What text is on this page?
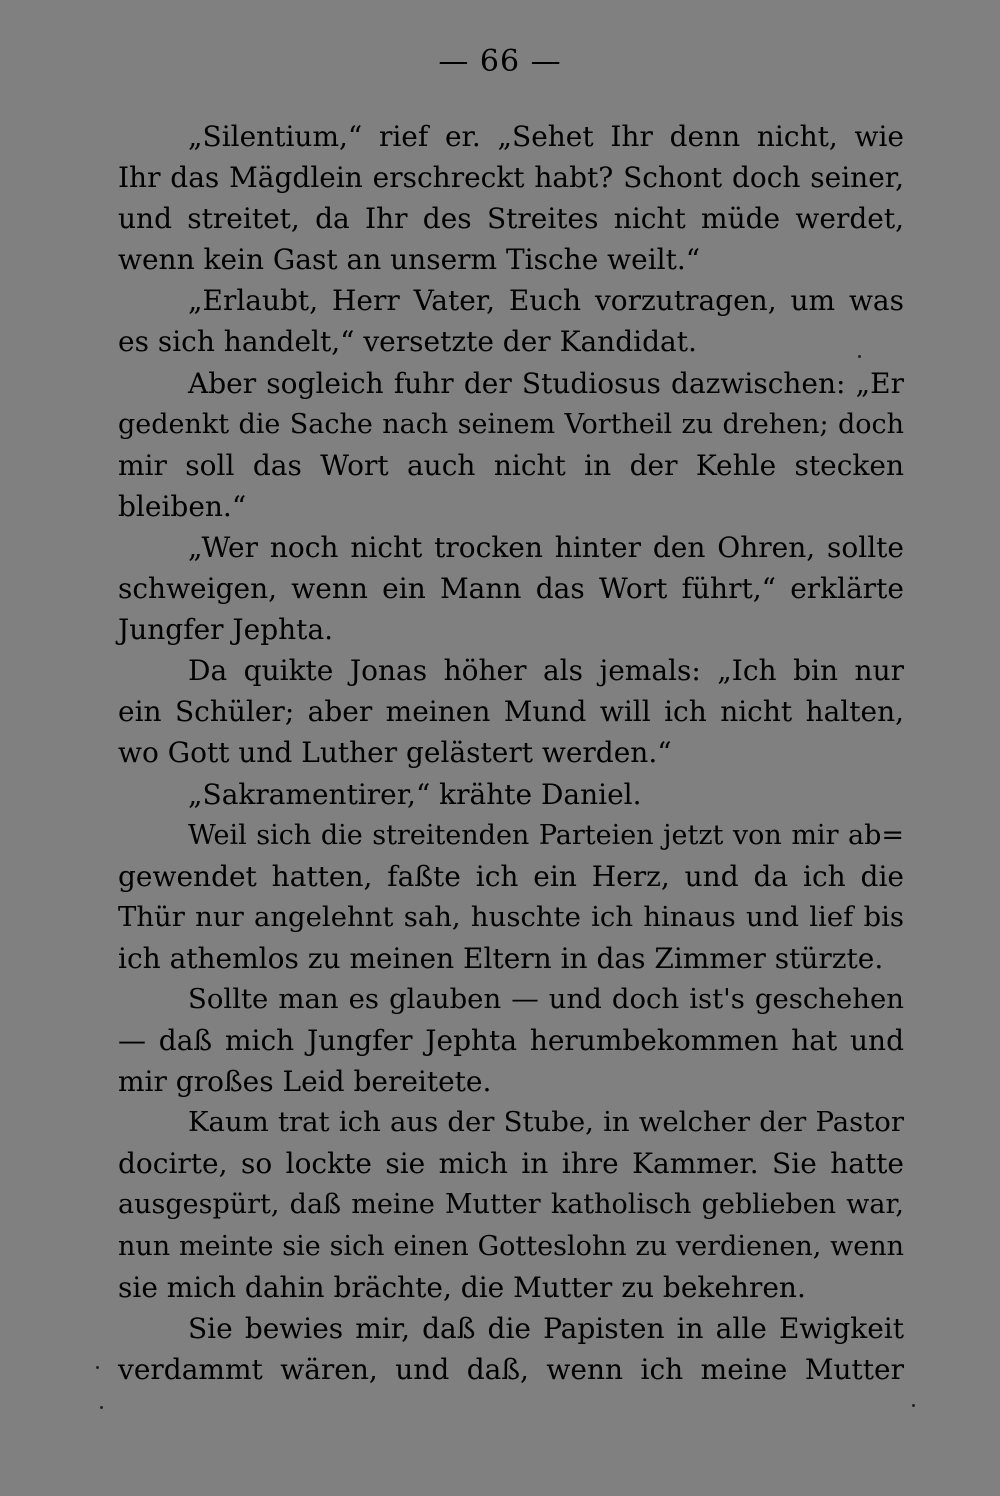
— 66 —
„Silentium,“ rief er. „Sehet Ihr denn nicht, wie
Ihr das Mägdlein erschreckt habt? Schont doch seiner,
und streitet, da Ihr des Streites nicht müde werdet,
wenn kein Gast an unserm Tische weilt.“
„Erlaubt, Herr Vater, Euch vorzutragen, um was
es sich handelt,“ versetzte der Kandidat.
Aber sogleich fuhr der Studiosus dazwischen: „Er
gedenkt die Sache nach seinem Vortheil zu drehen; doch
mir soll das Wort auch nicht in der Kehle stecken
bleiben.“
„Wer noch nicht trocken hinter den Ohren, sollte
schweigen, wenn ein Mann das Wort führt,“ erklärte
Jungfer Jephta.
Da quikte Jonas höher als jemals: „Ich bin nur
ein Schüler; aber meinen Mund will ich nicht halten,
wo Gott und Luther gelästert werden.“
„Sakramentirer,“ krähte Daniel.
Weil sich die streitenden Parteien jetzt von mir ab=
gewendet hatten, faßte ich ein Herz, und da ich die
Thür nur angelehnt sah, huschte ich hinaus und lief bis
ich athemlos zu meinen Eltern in das Zimmer stürzte.
Sollte man es glauben — und doch ist's geschehen
— daß mich Jungfer Jephta herumbekommen hat und
mir großes Leid bereitete.
Kaum trat ich aus der Stube, in welcher der Pastor
docirte, so lockte sie mich in ihre Kammer. Sie hatte
ausgespürt, daß meine Mutter katholisch geblieben war,
nun meinte sie sich einen Gotteslohn zu verdienen, wenn
sie mich dahin brächte, die Mutter zu bekehren.
Sie bewies mir, daß die Papisten in alle Ewigkeit
verdammt wären, und daß, wenn ich meine Mutter
